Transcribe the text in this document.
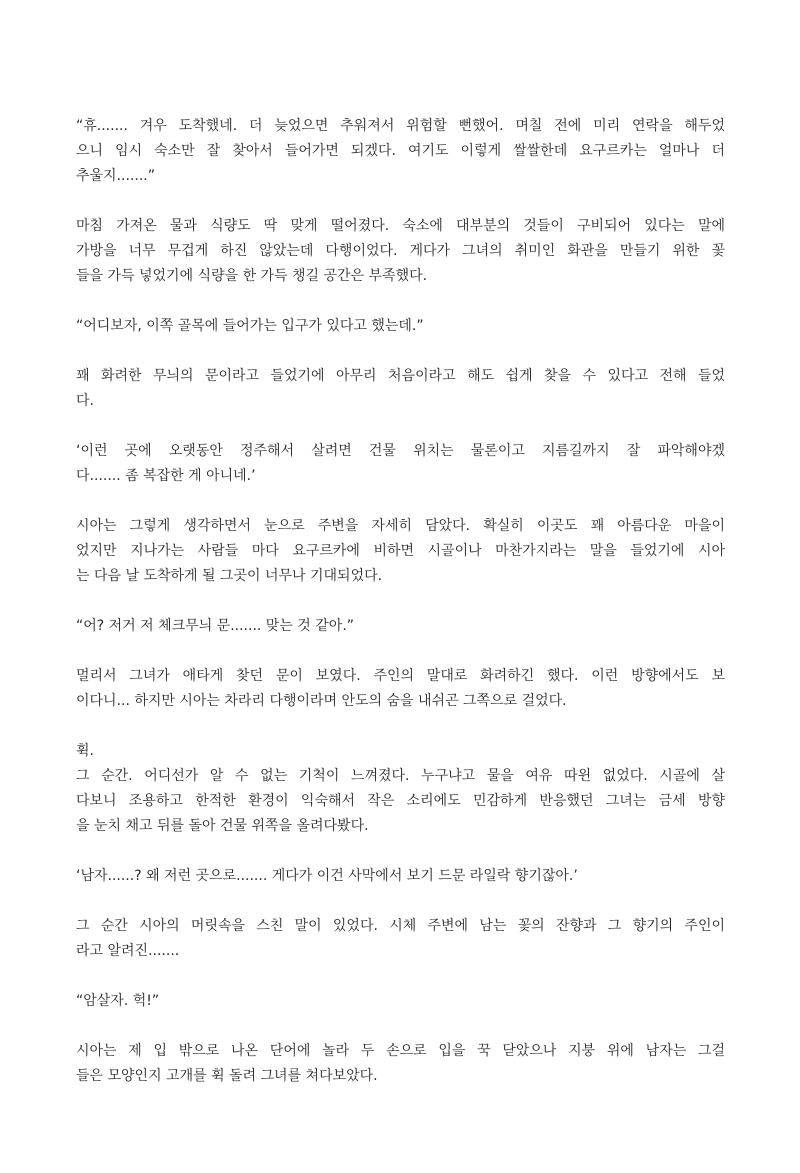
“휴....... 겨우 도착했네. 더 늦었으면 추워져서 위험할 뻔했어. 며칠 전에 미리 연락을 해두었
으니 임시 숙소만 잘 찾아서 들어가면 되겠다. 여기도 이렇게 쌀쌀한데 요구르카는 얼마나 더
추울지.......”
마침 가져온 물과 식량도 딱 맞게 떨어졌다. 숙소에 대부분의 것들이 구비되어 있다는 말에
가방을 너무 무겁게 하진 않았는데 다행이었다. 게다가 그녀의 취미인 화관을 만들기 위한 꽃
들을 가득 넣었기에 식량을 한 가득 챙길 공간은 부족했다.
“어디보자, 이쪽 골목에 들어가는 입구가 있다고 했는데.”
꽤 화려한 무늬의 문이라고 들었기에 아무리 처음이라고 해도 쉽게 찾을 수 있다고 전해 들었
다.
‘이런 곳에 오랫동안 정주해서 살려면 건물 위치는 물론이고 지름길까지 잘 파악해야겠
다....... 좀 복잡한 게 아니네.’
시아는 그렇게 생각하면서 눈으로 주변을 자세히 담았다. 확실히 이곳도 꽤 아름다운 마을이
었지만 지나가는 사람들 마다 요구르카에 비하면 시골이나 마찬가지라는 말을 들었기에 시아
는 다음 날 도착하게 될 그곳이 너무나 기대되었다.
“어? 저거 저 체크무늬 문....... 맞는 것 같아.”
멀리서 그녀가 애타게 찾던 문이 보였다. 주인의 말대로 화려하긴 했다. 이런 방향에서도 보
이다니... 하지만 시아는 차라리 다행이라며 안도의 숨을 내쉬곤 그쪽으로 걸었다.
휙.
그 순간. 어디선가 알 수 없는 기척이 느껴졌다. 누구냐고 물을 여유 따윈 없었다. 시골에 살
다보니 조용하고 한적한 환경이 익숙해서 작은 소리에도 민감하게 반응했던 그녀는 금세 방향
을 눈치 채고 뒤를 돌아 건물 위쪽을 올려다봤다.
‘남자......? 왜 저런 곳으로....... 게다가 이건 사막에서 보기 드문 라일락 향기잖아.’
그 순간 시아의 머릿속을 스친 말이 있었다. 시체 주변에 남는 꽃의 잔향과 그 향기의 주인이
라고 알려진.......
“암살자. 헉!”
시아는 제 입 밖으로 나온 단어에 놀라 두 손으로 입을 꾹 닫았으나 지붕 위에 남자는 그걸
들은 모양인지 고개를 휙 돌려 그녀를 쳐다보았다.
